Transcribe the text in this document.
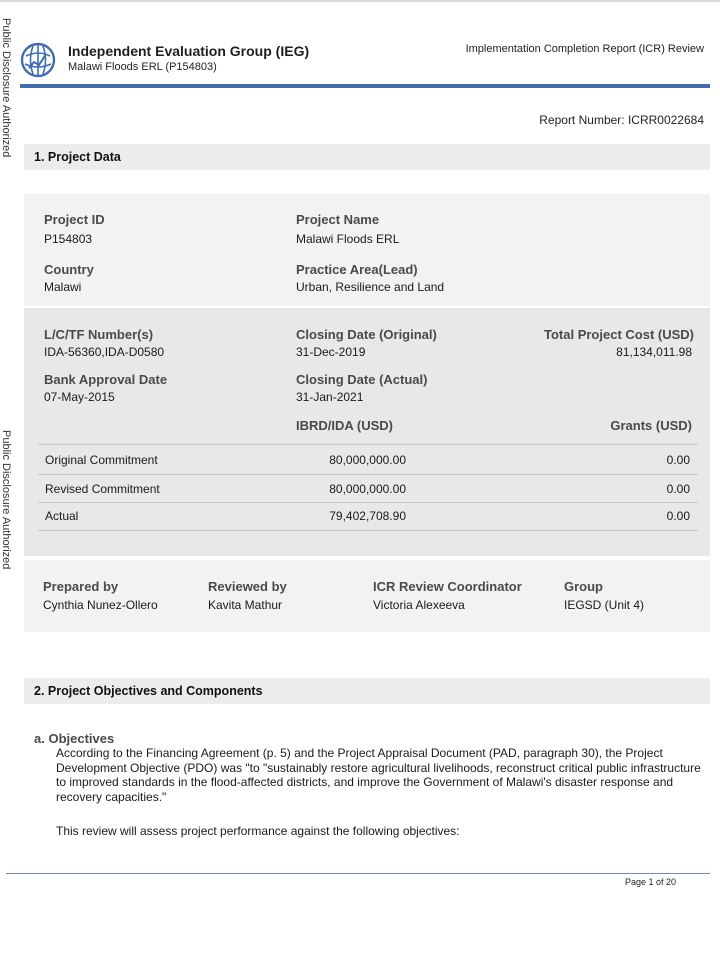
Public Disclosure Authorized
Public Disclosure Authorized
Independent Evaluation Group (IEG)
Malawi Floods ERL (P154803)
Implementation Completion Report (ICR) Review
Report Number: ICRR0022684
1. Project Data
Project ID
P154803
Project Name
Malawi Floods ERL
Country
Malawi
Practice Area(Lead)
Urban, Resilience and Land
L/C/TF Number(s)
IDA-56360,IDA-D0580
Closing Date (Original)
31-Dec-2019
Total Project Cost (USD)
81,134,011.98
Bank Approval Date
07-May-2015
Closing Date (Actual)
31-Jan-2021
IBRD/IDA (USD)	Grants (USD)
Original Commitment	80,000,000.00	0.00
Revised Commitment	80,000,000.00	0.00
Actual	79,402,708.90	0.00
Prepared by
Cynthia Nunez-Ollero
Reviewed by
Kavita Mathur
ICR Review Coordinator
Victoria Alexeeva
Group
IEGSD (Unit 4)
2. Project Objectives and Components
a. Objectives
According to the Financing Agreement (p. 5) and the Project Appraisal Document (PAD, paragraph 30), the Project Development Objective (PDO) was "to "sustainably restore agricultural livelihoods, reconstruct critical public infrastructure to improved standards in the flood-affected districts, and improve the Government of Malawi's disaster response and recovery capacities."
This review will assess project performance against the following objectives:
Page 1 of 20
